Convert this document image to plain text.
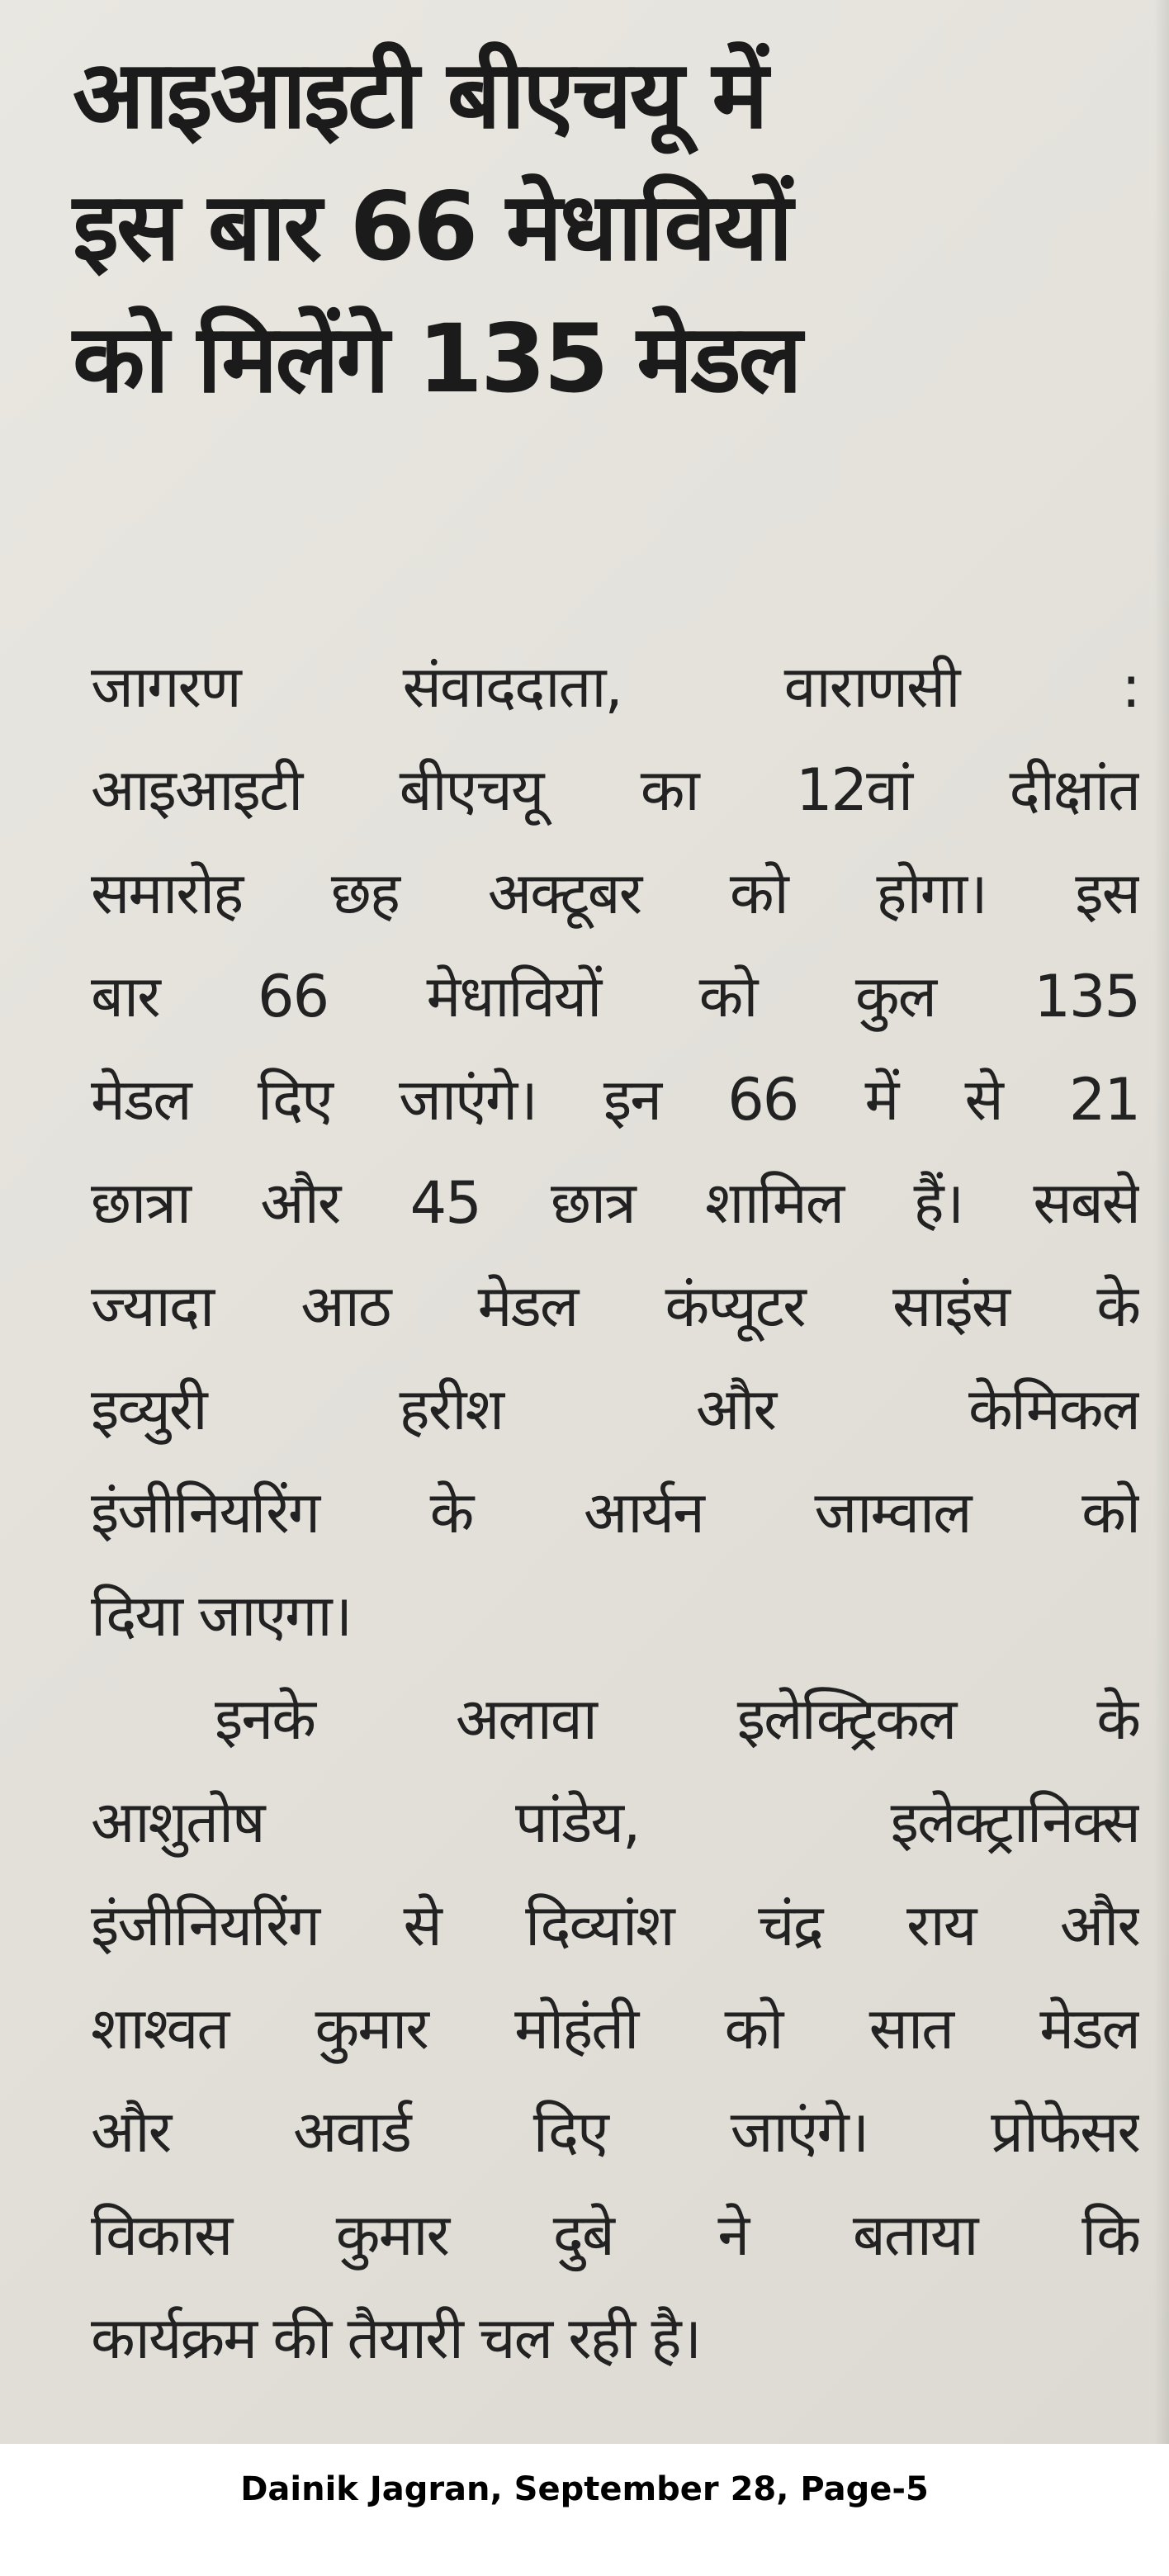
आइआइटी बीएचयू में
इस बार 66 मेधावियों
को मिलेंगे 135 मेडल
जागरण संवाददाता, वाराणसी :
आइआइटी बीएचयू का 12वां दीक्षांत
समारोह छह अक्टूबर को होगा। इस
बार 66 मेधावियों को कुल 135
मेडल दिए जाएंगे। इन 66 में से 21
छात्रा और 45 छात्र शामिल हैं। सबसे
ज्यादा आठ मेडल कंप्यूटर साइंस के
इव्युरी हरीश और केमिकल
इंजीनियरिंग के आर्यन जाम्वाल को
दिया जाएगा।
इनके अलावा इलेक्ट्रिकल के
आशुतोष पांडेय, इलेक्ट्रानिक्स
इंजीनियरिंग से दिव्यांश चंद्र राय और
शाश्वत कुमार मोहंती को सात मेडल
और अवार्ड दिए जाएंगे। प्रोफेसर
विकास कुमार दुबे ने बताया कि
कार्यक्रम की तैयारी चल रही है।
Dainik Jagran, September 28, Page-5
